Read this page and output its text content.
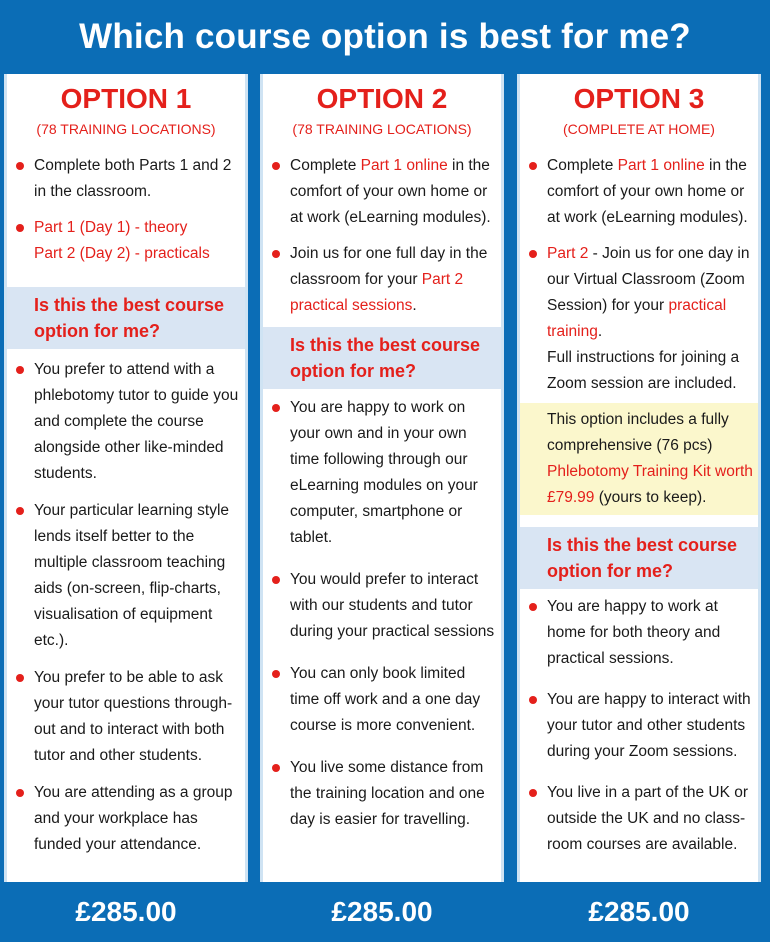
Which course option is best for me?
OPTION 1
(78 TRAINING LOCATIONS)
Complete both Parts 1 and 2 in the classroom.
Part 1 (Day 1) - theory
Part 2 (Day 2) - practicals
Is this the best course option for me?
You prefer to attend with a phlebotomy tutor to guide you and complete the course alongside other like-minded students.
Your particular learning style lends itself better to the multiple classroom teaching aids (on-screen, flip-charts, visualisation of equipment etc.).
You prefer to be able to ask your tutor questions through-out and to interact with both tutor and other students.
You are attending as a group and your workplace has funded your attendance.
OPTION 2
(78 TRAINING LOCATIONS)
Complete Part 1 online in the comfort of your own home or at work (eLearning modules).
Join us for one full day in the classroom for your Part 2 practical sessions.
Is this the best course option for me?
You are happy to work on your own and in your own time following through our eLearning modules on your computer, smartphone or tablet.
You would prefer to interact with our students and tutor during your practical sessions
You can only book limited time off work and a one day course is more convenient.
You live some distance from the training location and one day is easier for travelling.
OPTION 3
(COMPLETE AT HOME)
Complete Part 1 online in the comfort of your own home or at work (eLearning modules).
Part 2 - Join us for one day in our Virtual Classroom (Zoom Session) for your practical training.
Full instructions for joining a Zoom session are included.
This option includes a fully comprehensive (76 pcs) Phlebotomy Training Kit worth £79.99 (yours to keep).
Is this the best course option for me?
You are happy to work at home for both theory and practical sessions.
You are happy to interact with your tutor and other students during your Zoom sessions.
You live in a part of the UK or outside the UK and no class-room courses are available.
£285.00	£285.00	£285.00
